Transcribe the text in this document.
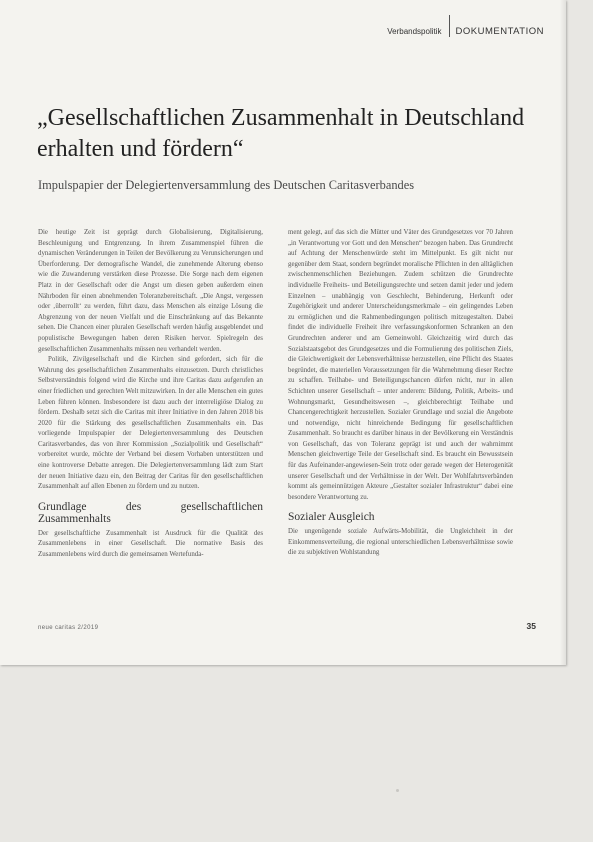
Verbandspolitik DOKUMENTATION
„Gesellschaftlichen Zusammenhalt in Deutschland erhalten und fördern“

Impulspapier der Delegiertenversammlung des Deutschen Caritasverbandes

Die heutige Zeit ist geprägt durch Globalisierung, Digitalisierung, Beschleunigung und Entgrenzung. In ihrem Zusammenspiel führen die dynamischen Veränderungen in Teilen der Bevölkerung zu Verunsicherungen und Überforderung. Der demografische Wandel, die zunehmende Alterung ebenso wie die Zuwanderung verstärken diese Prozesse. Die Sorge nach dem eigenen Platz in der Gesellschaft oder die Angst um diesen geben außerdem einen Nährboden für einen abnehmenden Toleranzbereitschaft. „Die Angst, vergessen oder ‚überrollt‘ zu werden, führt dazu, dass Menschen als einzige Lösung die Abgrenzung von der neuen Vielfalt und die Einschränkung auf das Bekannte sehen. Die Chancen einer pluralen Gesellschaft werden häufig ausgeblendet und populistische Bewegungen haben deren Risiken hervor. Spielregeln des gesellschaftlichen Zusammenhalts müssen neu verhandelt werden.

Politik, Zivilgesellschaft und die Kirchen sind gefordert, sich für die Wahrung des gesellschaftlichen Zusammenhalts einzusetzen. Durch christliches Selbstverständnis folgend wird die Kirche und ihre Caritas dazu aufgerufen an einer friedlichen und gerechten Welt mitzuwirken. In der alle Menschen ein gutes Leben führen können. Insbesondere ist dazu auch der interreligiöse Dialog zu fördern. Deshalb setzt sich die Caritas mit ihrer Initiative in den Jahren 2018 bis 2020 für die Stärkung des gesellschaftlichen Zusammenhalts ein. Das vorliegende Impulspapier der Delegiertenversammlung des Deutschen Caritasverbandes, das von ihrer Kommission „Sozialpolitik und Gesellschaft“ vorbereitet wurde, möchte der Verband bei diesem Vorhaben unterstützen und eine kontroverse Debatte anregen. Die Delegiertenversammlung lädt zum Start der neuen Initiative dazu ein, den Beitrag der Caritas für den gesellschaftlichen Zusammenhalt auf allen Ebenen zu fördern und zu nutzen.

Grundlage des gesellschaftlichen Zusammenhalts

Der gesellschaftliche Zusammenhalt ist Ausdruck für die Qualität des Zusammenlebens in einer Gesellschaft. Die normative Basis des Zusammenlebens wird durch die gemeinsamen Wertefunda-

ment gelegt, auf das sich die Mütter und Väter des Grundgesetzes vor 70 Jahren „in Verantwortung vor Gott und den Menschen“ bezogen haben. Das Grundrecht auf Achtung der Menschenwürde steht im Mittelpunkt. Es gilt nicht nur gegenüber dem Staat, sondern begründet moralische Pflichten in den alltäglichen zwischenmenschlichen Beziehungen. Zudem schützen die Grundrechte individuelle Freiheits- und Beteiligungsrechte und setzen damit jeder und jedem Einzelnen – unabhängig von Geschlecht, Behinderung, Herkunft oder Zugehörigkeit und anderer Unterscheidungsmerkmale – ein gelingendes Leben zu ermöglichen und die Rahmenbedingungen politisch mitzugestalten. Dabei findet die individuelle Freiheit ihre verfassungskonformen Schranken an den Grundrechten anderer und am Gemeinwohl. Gleichzeitig wird durch das Sozialstaatsgebot des Grundgesetzes und die Formulierung des politischen Ziels, die Gleichwertigkeit der Lebensverhältnisse herzustellen, eine Pflicht des Staates begründet, die materiellen Voraussetzungen für die Wahrnehmung dieser Rechte zu schaffen. Teilhabe- und Beteiligungschancen dürfen nicht, nur in allen Schichten unserer Gesellschaft – unter anderem: Bildung, Politik, Arbeits- und Wohnungsmarkt, Gesundheitswesen –, gleichberechtigt Teilhabe und Chancengerechtigkeit herzustellen. Sozialer Grundlage und sozial die Angebote und notwendige, nicht hinreichende Bedingung für gesellschaftlichen Zusammenhalt. So braucht es darüber hinaus in der Bevölkerung ein Verständnis von Gesellschaft, das von Toleranz geprägt ist und auch der wahrnimmt Menschen gleichwertige Teile der Gesellschaft sind. Es braucht ein Bewusstsein für das Aufeinander-angewiesen-Sein trotz oder gerade wegen der Heterogenität unserer Gesellschaft und der Verhältnisse in der Welt. Der Wohlfahrtsverbänden kommt als gemeinnützigen Akteure „Gestalter sozialer Infrastruktur“ dabei eine besondere Verantwortung zu.

Sozialer Ausgleich

Die ungenügende soziale Aufwärts-Mobilität, die Ungleichheit in der Einkommensverteilung, die regional unterschiedlichen Lebensverhältnisse sowie die zu subjektiven Wohlstandung

neue caritas 2/2019	35
